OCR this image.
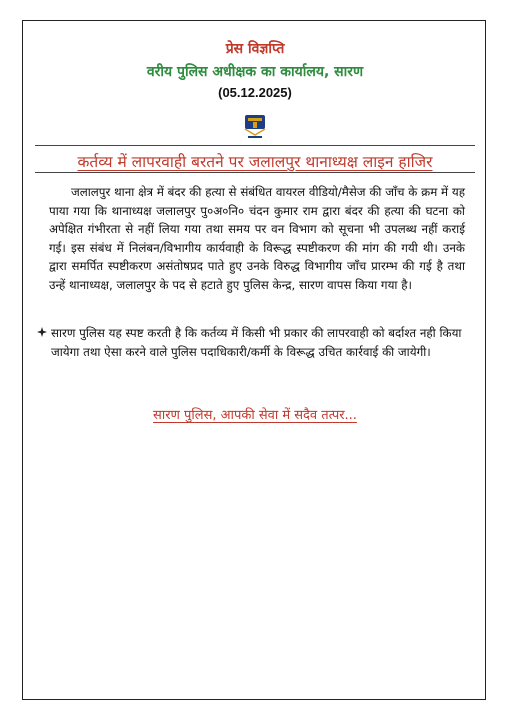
प्रेस विज्ञप्ति
वरीय पुलिस अधीक्षक का कार्यालय, सारण
(05.12.2025)
कर्तव्य में लापरवाही बरतने पर जलालपुर थानाध्यक्ष लाइन हाजिर
जलालपुर थाना क्षेत्र में बंदर की हत्या से संबंधित वायरल वीडियो/मैसेज की जाँच के क्रम में यह पाया गया कि थानाध्यक्ष जलालपुर पु०अ०नि० चंदन कुमार राम द्वारा बंदर की हत्या की घटना को अपेक्षित गंभीरता से नहीं लिया गया तथा समय पर वन विभाग को सूचना भी उपलब्ध नहीं कराई गई। इस संबंध में निलंबन/विभागीय कार्यवाही के विरूद्ध स्पष्टीकरण की मांग की गयी थी। उनके द्वारा समर्पित स्पष्टीकरण असंतोषप्रद पाते हुए उनके विरुद्ध विभागीय जाँच प्रारम्भ की गई है तथा उन्हें थानाध्यक्ष, जलालपुर के पद से हटाते हुए पुलिस केन्द्र, सारण वापस किया गया है।
सारण पुलिस यह स्पष्ट करती है कि कर्तव्य में किसी भी प्रकार की लापरवाही को बर्दाश्त नही किया जायेगा तथा ऐसा करने वाले पुलिस पदाधिकारी/कर्मी के विरूद्ध उचित कार्रवाई की जायेगी।
सारण पुलिस, आपकी सेवा में सदैव तत्पर...
